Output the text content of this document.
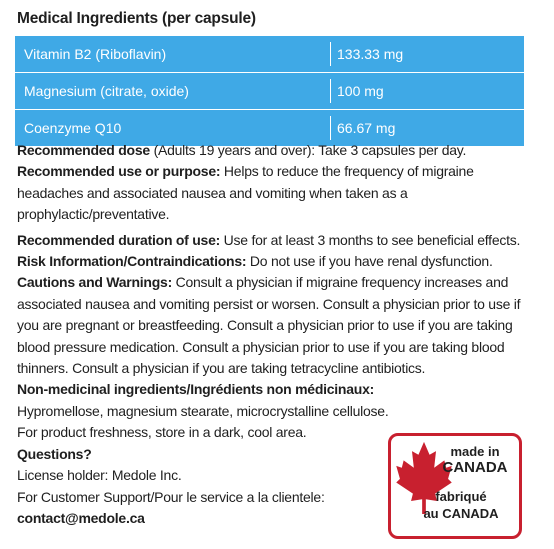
Medical Ingredients (per capsule)
Vitamin B2 (Riboflavin)	133.33 mg
Magnesium (citrate, oxide)	100 mg
Coenzyme Q10	66.67 mg

Recommended dose (Adults 19 years and over): Take 3 capsules per day.

Recommended use or purpose: Helps to reduce the frequency of migraine headaches and associated nausea and vomiting when taken as a prophylactic/preventative.

Recommended duration of use: Use for at least 3 months to see beneficial effects.

Risk Information/Contraindications: Do not use if you have renal dysfunction.

Cautions and Warnings: Consult a physician if migraine frequency increases and associated nausea and vomiting persist or worsen. Consult a physician prior to use if you are pregnant or breastfeeding. Consult a physician prior to use if you are taking blood pressure medication. Consult a physician prior to use if you are taking blood thinners. Consult a physician if you are taking tetracycline antibiotics.

Non-medicinal ingredients/Ingrédients non médicinaux:

Hypromellose, magnesium stearate, microcrystalline cellulose.

For product freshness, store in a dark, cool area.

Questions?

License holder: Medole Inc.

For Customer Support/Pour le service a la clientele:

contact@medole.ca

made in
CANADA
fabriqué
au CANADA
